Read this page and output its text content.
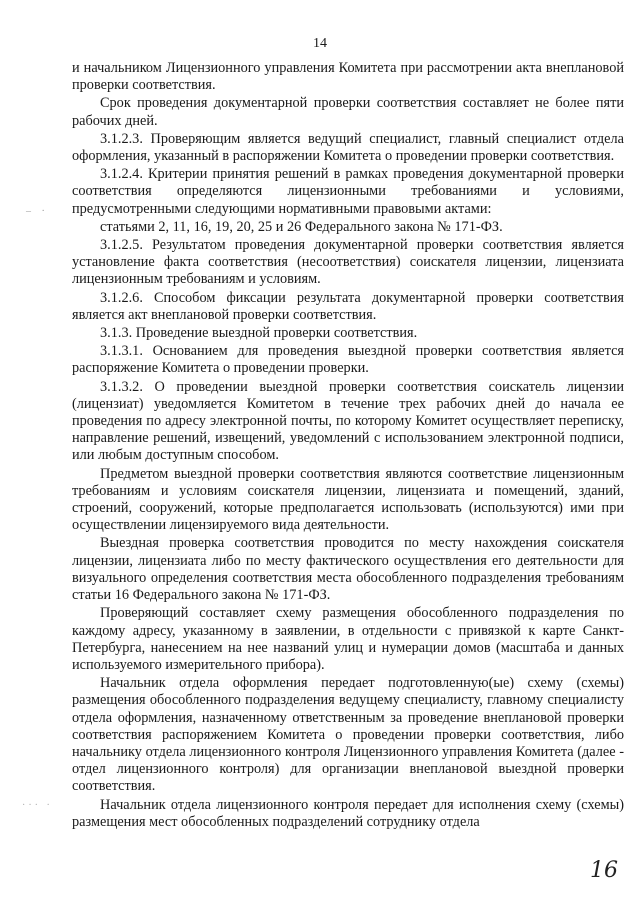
14
‒ ·
··· ·

и начальником Лицензионного управления Комитета при рассмотрении акта внеплановой проверки соответствия.

Срок проведения документарной проверки соответствия составляет не более пяти рабочих дней.

3.1.2.3. Проверяющим является ведущий специалист, главный специалист отдела оформления, указанный в распоряжении Комитета о проведении проверки соответствия.

3.1.2.4. Критерии принятия решений в рамках проведения документарной проверки соответствия определяются лицензионными требованиями и условиями, предусмотренными следующими нормативными правовыми актами:

статьями 2, 11, 16, 19, 20, 25 и 26 Федерального закона № 171-ФЗ.

3.1.2.5. Результатом проведения документарной проверки соответствия является установление факта соответствия (несоответствия) соискателя лицензии, лицензиата лицензионным требованиям и условиям.

3.1.2.6. Способом фиксации результата документарной проверки соответствия является акт внеплановой проверки соответствия.

3.1.3. Проведение выездной проверки соответствия.

3.1.3.1. Основанием для проведения выездной проверки соответствия является распоряжение Комитета о проведении проверки.

3.1.3.2. О проведении выездной проверки соответствия соискатель лицензии (лицензиат) уведомляется Комитетом в течение трех рабочих дней до начала ее проведения по адресу электронной почты, по которому Комитет осуществляет переписку, направление решений, извещений, уведомлений с использованием электронной подписи, или любым доступным способом.

Предметом выездной проверки соответствия являются соответствие лицензионным требованиям и условиям соискателя лицензии, лицензиата и помещений, зданий, строений, сооружений, которые предполагается использовать (используются) ими при осуществлении лицензируемого вида деятельности.

Выездная проверка соответствия проводится по месту нахождения соискателя лицензии, лицензиата либо по месту фактического осуществления его деятельности для визуального определения соответствия места обособленного подразделения требованиям статьи 16 Федерального закона № 171-ФЗ.

Проверяющий составляет схему размещения обособленного подразделения по каждому адресу, указанному в заявлении, в отдельности с привязкой к карте Санкт-Петербурга, нанесением на нее названий улиц и нумерации домов (масштаба и данных используемого измерительного прибора).

Начальник отдела оформления передает подготовленную(ые) схему (схемы) размещения обособленного подразделения ведущему специалисту, главному специалисту отдела оформления, назначенному ответственным за проведение внеплановой проверки соответствия распоряжением Комитета о проведении проверки соответствия, либо начальнику отдела лицензионного контроля Лицензионного управления Комитета (далее - отдел лицензионного контроля) для организации внеплановой выездной проверки соответствия.

Начальник отдела лицензионного контроля передает для исполнения схему (схемы) размещения мест обособленных подразделений сотруднику отдела

16
